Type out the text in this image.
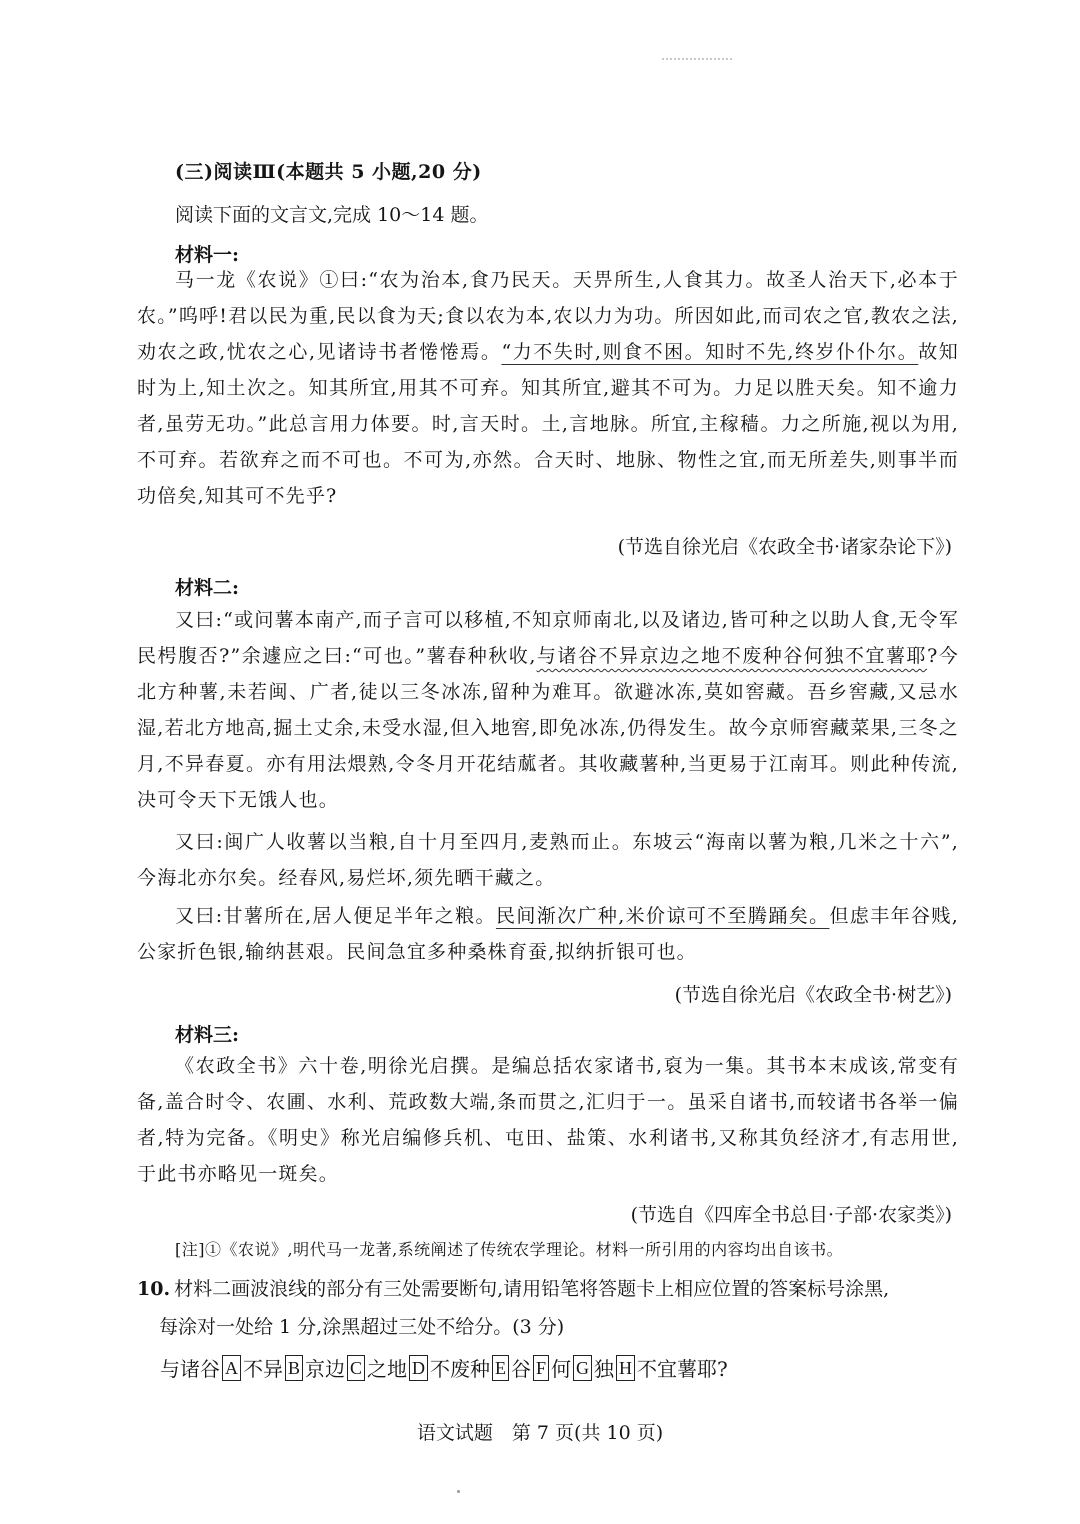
(三)阅读Ⅲ(本题共 5 小题,20 分)
阅读下面的文言文,完成 10～14 题。
材料一:
马一龙《农说》①曰:“农为治本,食乃民天。天畀所生,人食其力。故圣人治天下,必本于农。”呜呼!君以民为重,民以食为天;食以农为本,农以力为功。所因如此,而司农之官,教农之法,劝农之政,忧农之心,见诸诗书者惓惓焉。“力不失时,则食不困。知时不先,终岁仆仆尔。故知时为上,知土次之。知其所宜,用其不可弃。知其所宜,避其不可为。力足以胜天矣。知不逾力者,虽劳无功。”此总言用力体要。时,言天时。土,言地脉。所宜,主稼穑。力之所施,视以为用,不可弃。若欲弃之而不可也。不可为,亦然。合天时、地脉、物性之宜,而无所差失,则事半而功倍矣,知其可不先乎?
(节选自徐光启《农政全书·诸家杂论下》)
材料二:
又曰:“或问薯本南产,而子言可以移植,不知京师南北,以及诸边,皆可种之以助人食,无令军民枵腹否?”余遽应之曰:“可也。”薯春种秋收,与诸谷不异京边之地不废种谷何独不宜薯耶?今北方种薯,未若闽、广者,徒以三冬冰冻,留种为难耳。欲避冰冻,莫如窖藏。吾乡窖藏,又忌水湿,若北方地高,掘土丈余,未受水湿,但入地窖,即免冰冻,仍得发生。故今京师窖藏菜果,三冬之月,不异春夏。亦有用法煨熟,令冬月开花结蓏者。其收藏薯种,当更易于江南耳。则此种传流,决可令天下无饿人也。
又曰:闽广人收薯以当粮,自十月至四月,麦熟而止。东坡云“海南以薯为粮,几米之十六”,今海北亦尔矣。经春风,易烂坏,须先晒干藏之。
又曰:甘薯所在,居人便足半年之粮。民间渐次广种,米价谅可不至腾踊矣。但虑丰年谷贱,公家折色银,输纳甚艰。民间急宜多种桑株育蚕,拟纳折银可也。
(节选自徐光启《农政全书·树艺》)
材料三:
《农政全书》六十卷,明徐光启撰。是编总括农家诸书,裒为一集。其书本末成该,常变有备,盖合时令、农圃、水利、荒政数大端,条而贯之,汇归于一。虽采自诸书,而较诸书各举一偏者,特为完备。《明史》称光启编修兵机、屯田、盐策、水利诸书,又称其负经济才,有志用世,于此书亦略见一斑矣。
(节选自《四库全书总目·子部·农家类》)
[注]①《农说》,明代马一龙著,系统阐述了传统农学理论。材料一所引用的内容均出自该书。
10. 材料二画波浪线的部分有三处需要断句,请用铅笔将答题卡上相应位置的答案标号涂黑,
每涂对一处给 1 分,涂黑超过三处不给分。(3 分)
与诸谷 A 不异 B 京边 C 之地 D 不废种 E 谷 F 何 G 独 H 不宜薯耶?
语文试题　第 7 页(共 10 页)
